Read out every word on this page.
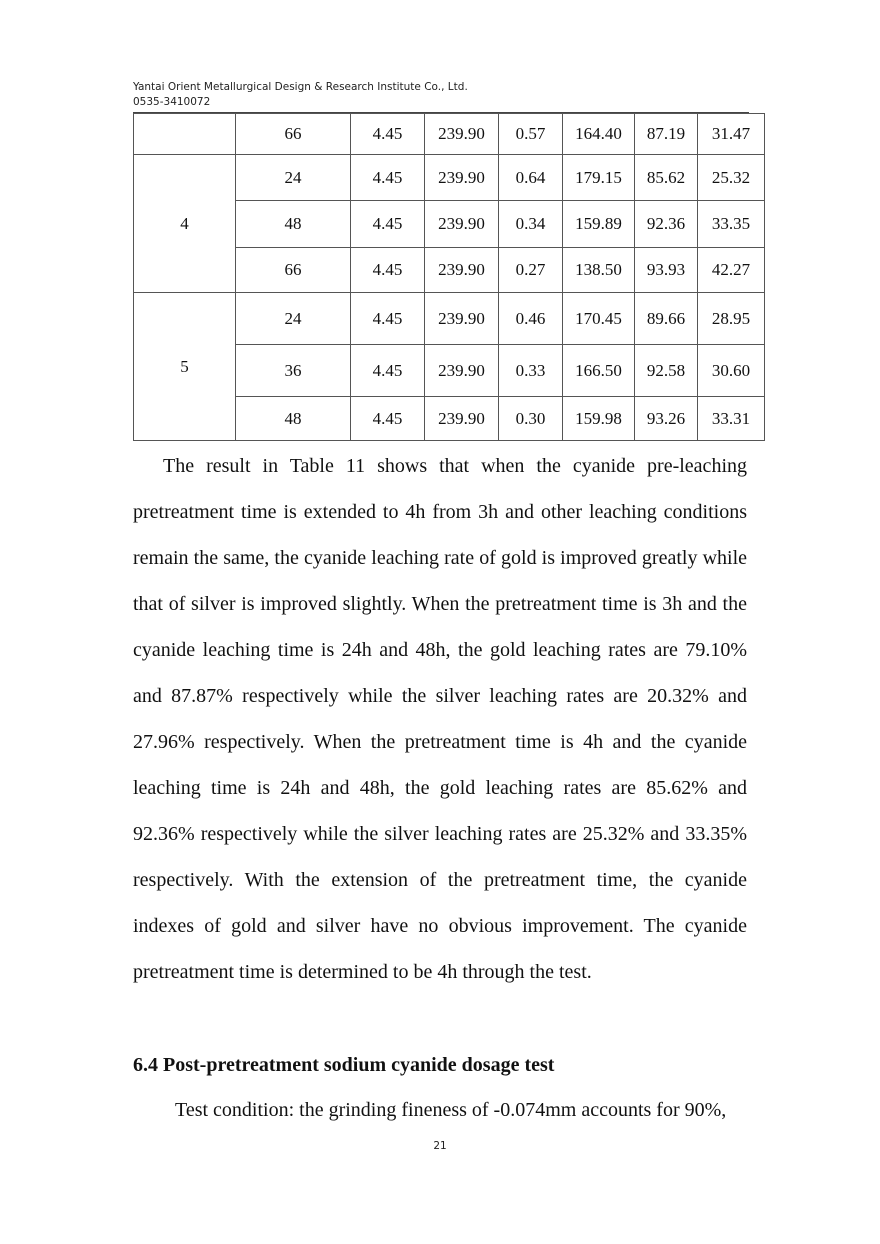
Yantai Orient Metallurgical Design & Research Institute Co., Ltd.
0535-3410072
	66	4.45	239.90	0.57	164.40	87.19	31.47
4	24	4.45	239.90	0.64	179.15	85.62	25.32
	48	4.45	239.90	0.34	159.89	92.36	33.35
	66	4.45	239.90	0.27	138.50	93.93	42.27
5	24	4.45	239.90	0.46	170.45	89.66	28.95
	36	4.45	239.90	0.33	166.50	92.58	30.60
	48	4.45	239.90	0.30	159.98	93.26	33.31

The result in Table 11 shows that when the cyanide pre-leaching pretreatment time is extended to 4h from 3h and other leaching conditions remain the same, the cyanide leaching rate of gold is improved greatly while that of silver is improved slightly. When the pretreatment time is 3h and the cyanide leaching time is 24h and 48h, the gold leaching rates are 79.10% and 87.87% respectively while the silver leaching rates are 20.32% and 27.96% respectively. When the pretreatment time is 4h and the cyanide leaching time is 24h and 48h, the gold leaching rates are 85.62% and 92.36% respectively while the silver leaching rates are 25.32% and 33.35% respectively. With the extension of the pretreatment time, the cyanide indexes of gold and silver have no obvious improvement. The cyanide pretreatment time is determined to be 4h through the test.

6.4 Post-pretreatment sodium cyanide dosage test

Test condition: the grinding fineness of -0.074mm accounts for 90%,

21
